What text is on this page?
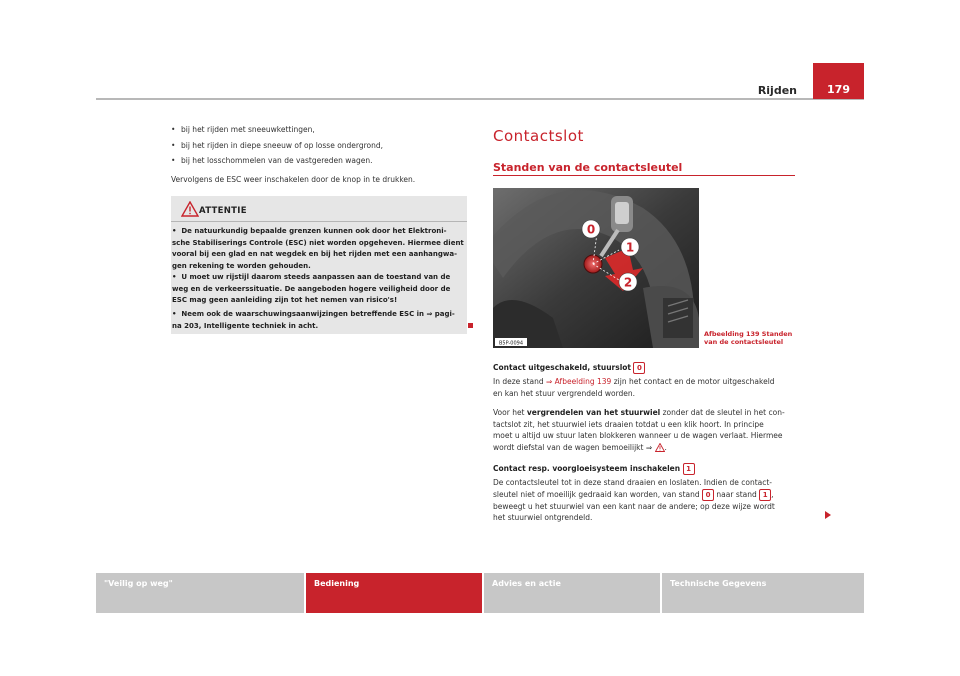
Rijden	179
• bij het rijden met sneeuwkettingen,
• bij het rijden in diepe sneeuw of op losse ondergrond,
• bij het losschommelen van de vastgereden wagen.
Vervolgens de ESC weer inschakelen door de knop in te drukken.
ATTENTIE
•  De natuurkundig bepaalde grenzen kunnen ook door het Elektroni-
sche Stabiliserings Controle (ESC) niet worden opgeheven. Hiermee dient
vooral bij een glad en nat wegdek en bij het rijden met een aanhangwa-
gen rekening te worden gehouden.
•  U moet uw rijstijl daarom steeds aanpassen aan de toestand van de
weg en de verkeerssituatie. De aangeboden hogere veiligheid door de
ESC mag geen aanleiding zijn tot het nemen van risico's!
•  Neem ook de waarschuwingsaanwijzingen betreffende ESC in ⇒ pagi-
na 203, Intelligente techniek in acht.
Contactslot
Standen van de contactsleutel
0
1
2
B5P-0094
Afbeelding 139 Standen
van de contactsleutel
Contact uitgeschakeld, stuurslot 0
In deze stand ⇒ Afbeelding 139 zijn het contact en de motor uitgeschakeld
en kan het stuur vergrendeld worden.
Voor het vergrendelen van het stuurwiel zonder dat de sleutel in het con-
tactslot zit, het stuurwiel iets draaien totdat u een klik hoort. In principe
moet u altijd uw stuur laten blokkeren wanneer u de wagen verlaat. Hiermee
wordt diefstal van de wagen bemoeilijkt ⇒ .
Contact resp. voorgloeisysteem inschakelen 1
De contactsleutel tot in deze stand draaien en loslaten. Indien de contact-
sleutel niet of moeilijk gedraaid kan worden, van stand 0 naar stand 1 ,
beweegt u het stuurwiel van een kant naar de andere; op deze wijze wordt
het stuurwiel ontgrendeld.
"Veilig op weg"	Bediening	Advies en actie	Technische Gegevens
